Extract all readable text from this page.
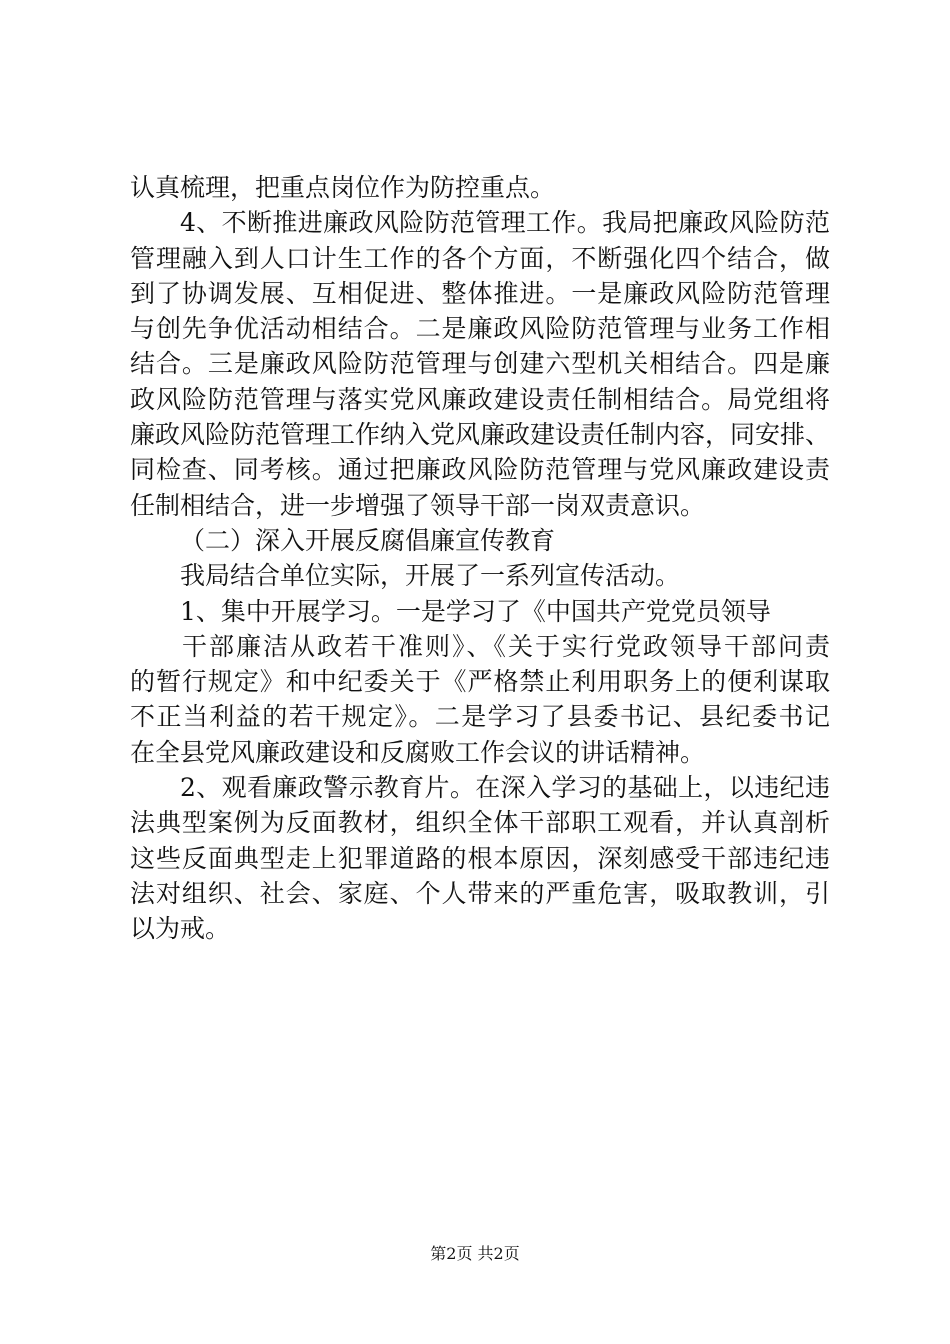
认真梳理，把重点岗位作为防控重点。
4、不断推进廉政风险防范管理工作。我局把廉政风险防范
管理融入到人口计生工作的各个方面，不断强化四个结合，做
到了协调发展、互相促进、整体推进。一是廉政风险防范管理
与创先争优活动相结合。二是廉政风险防范管理与业务工作相
结合。三是廉政风险防范管理与创建六型机关相结合。四是廉
政风险防范管理与落实党风廉政建设责任制相结合。局党组将
廉政风险防范管理工作纳入党风廉政建设责任制内容，同安排、
同检查、同考核。通过把廉政风险防范管理与党风廉政建设责
任制相结合，进一步增强了领导干部一岗双责意识。
（二）深入开展反腐倡廉宣传教育
我局结合单位实际，开展了一系列宣传活动。
1、集中开展学习。一是学习了《中国共产党党员领导
干部廉洁从政若干准则》、《关于实行党政领导干部问责
的暂行规定》和中纪委关于《严格禁止利用职务上的便利谋取
不正当利益的若干规定》。二是学习了县委书记、县纪委书记
在全县党风廉政建设和反腐败工作会议的讲话精神。
2、观看廉政警示教育片。在深入学习的基础上，以违纪违
法典型案例为反面教材，组织全体干部职工观看，并认真剖析
这些反面典型走上犯罪道路的根本原因，深刻感受干部违纪违
法对组织、社会、家庭、个人带来的严重危害，吸取教训，引
以为戒。
第2页 共2页
